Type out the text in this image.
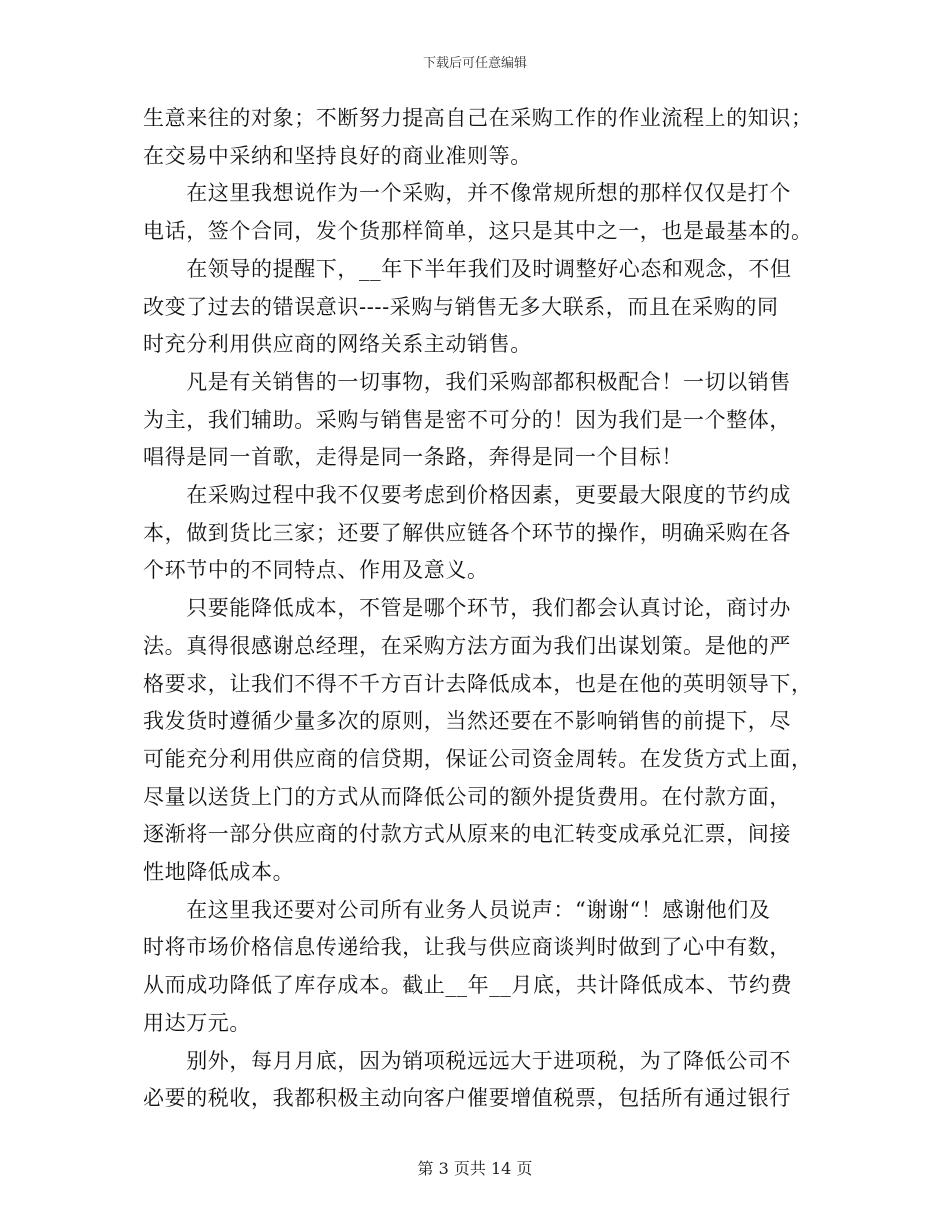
下载后可任意编辑

生意来往的对象；不断努力提高自己在采购工作的作业流程上的知识；
在交易中采纳和坚持良好的商业准则等。

　　在这里我想说作为一个采购，并不像常规所想的那样仅仅是打个
电话，签个合同，发个货那样简单，这只是其中之一，也是最基本的。

　　在领导的提醒下，__年下半年我们及时调整好心态和观念，不但
改变了过去的错误意识----采购与销售无多大联系，而且在采购的同
时充分利用供应商的网络关系主动销售。

　　凡是有关销售的一切事物，我们采购部都积极配合！一切以销售
为主，我们辅助。采购与销售是密不可分的！因为我们是一个整体，
唱得是同一首歌，走得是同一条路，奔得是同一个目标！

　　在采购过程中我不仅要考虑到价格因素，更要最大限度的节约成
本，做到货比三家；还要了解供应链各个环节的操作，明确采购在各
个环节中的不同特点、作用及意义。

　　只要能降低成本，不管是哪个环节，我们都会认真讨论，商讨办
法。真得很感谢总经理，在采购方法方面为我们出谋划策。是他的严
格要求，让我们不得不千方百计去降低成本，也是在他的英明领导下，
我发货时遵循少量多次的原则，当然还要在不影响销售的前提下，尽
可能充分利用供应商的信贷期，保证公司资金周转。在发货方式上面，
尽量以送货上门的方式从而降低公司的额外提货费用。在付款方面，
逐渐将一部分供应商的付款方式从原来的电汇转变成承兑汇票，间接
性地降低成本。

　　在这里我还要对公司所有业务人员说声：“谢谢“！感谢他们及
时将市场价格信息传递给我，让我与供应商谈判时做到了心中有数，
从而成功降低了库存成本。截止__年__月底，共计降低成本、节约费
用达万元。

　　别外，每月月底，因为销项税远远大于进项税，为了降低公司不
必要的税收，我都积极主动向客户催要增值税票，包括所有通过银行

第 3 页共 14 页
